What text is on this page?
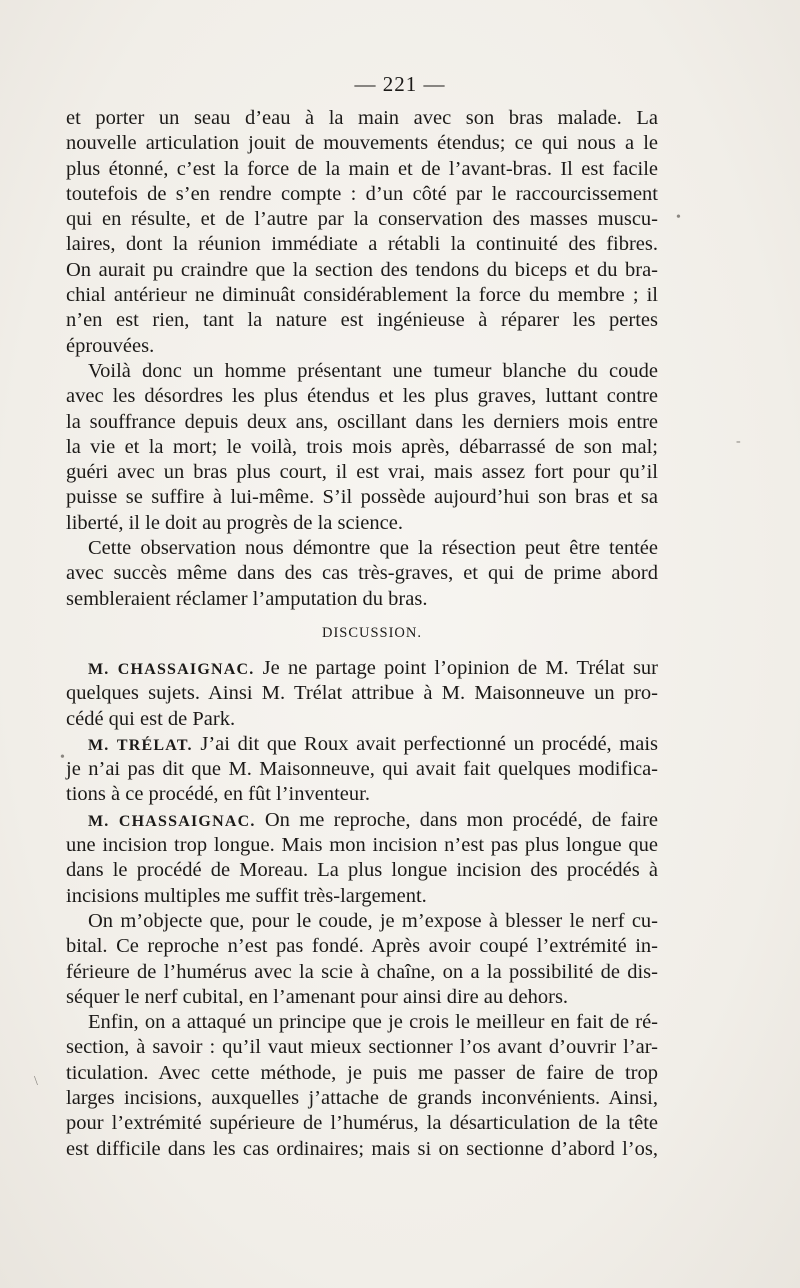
— 221 —
et porter un seau d’eau à la main avec son bras malade. La
nouvelle articulation jouit de mouvements étendus; ce qui nous a le
plus étonné, c’est la force de la main et de l’avant-bras. Il est facile
toutefois de s’en rendre compte : d’un côté par le raccourcissement
qui en résulte, et de l’autre par la conservation des masses muscu-
laires, dont la réunion immédiate a rétabli la continuité des fibres.
On aurait pu craindre que la section des tendons du biceps et du bra-
chial antérieur ne diminuât considérablement la force du membre ; il
n’en est rien, tant la nature est ingénieuse à réparer les pertes
éprouvées.
Voilà donc un homme présentant une tumeur blanche du coude
avec les désordres les plus étendus et les plus graves, luttant contre
la souffrance depuis deux ans, oscillant dans les derniers mois entre
la vie et la mort; le voilà, trois mois après, débarrassé de son mal;
guéri avec un bras plus court, il est vrai, mais assez fort pour qu’il
puisse se suffire à lui-même. S’il possède aujourd’hui son bras et sa
liberté, il le doit au progrès de la science.
Cette observation nous démontre que la résection peut être tentée
avec succès même dans des cas très-graves, et qui de prime abord
sembleraient réclamer l’amputation du bras.
DISCUSSION.
M. CHASSAIGNAC. Je ne partage point l’opinion de M. Trélat sur
quelques sujets. Ainsi M. Trélat attribue à M. Maisonneuve un pro-
cédé qui est de Park.
M. TRÉLAT. J’ai dit que Roux avait perfectionné un procédé, mais
je n’ai pas dit que M. Maisonneuve, qui avait fait quelques modifica-
tions à ce procédé, en fût l’inventeur.
M. CHASSAIGNAC. On me reproche, dans mon procédé, de faire
une incision trop longue. Mais mon incision n’est pas plus longue que
dans le procédé de Moreau. La plus longue incision des procédés à
incisions multiples me suffit très-largement.
On m’objecte que, pour le coude, je m’expose à blesser le nerf cu-
bital. Ce reproche n’est pas fondé. Après avoir coupé l’extrémité in-
férieure de l’humérus avec la scie à chaîne, on a la possibilité de dis-
séquer le nerf cubital, en l’amenant pour ainsi dire au dehors.
Enfin, on a attaqué un principe que je crois le meilleur en fait de ré-
section, à savoir : qu’il vaut mieux sectionner l’os avant d’ouvrir l’ar-
ticulation. Avec cette méthode, je puis me passer de faire de trop
larges incisions, auxquelles j’attache de grands inconvénients. Ainsi,
pour l’extrémité supérieure de l’humérus, la désarticulation de la tête
est difficile dans les cas ordinaires; mais si on sectionne d’abord l’os,
•
•
-
\
